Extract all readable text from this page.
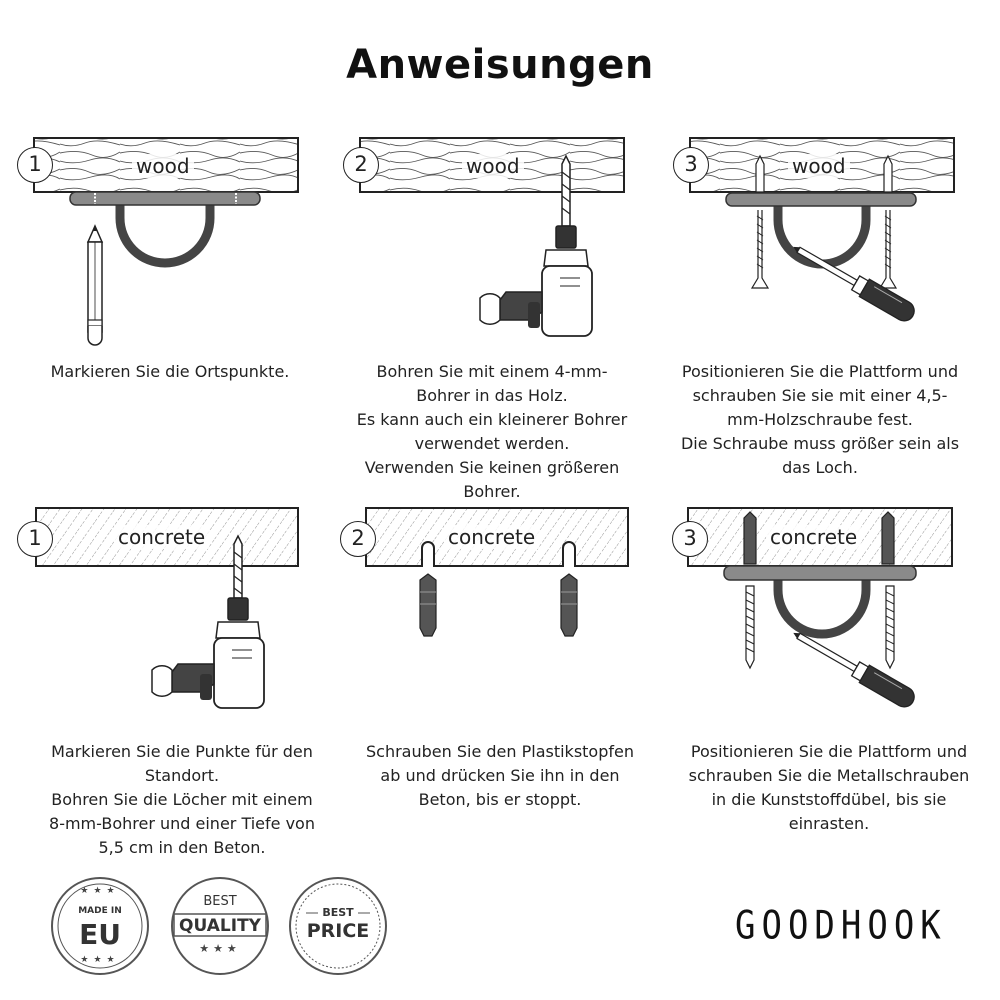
Anweisungen
1	wood	2	wood	3	wood
Markieren Sie die Ortspunkte.	Bohren Sie mit einem 4-mm-
Bohrer in das Holz.
Es kann auch ein kleinerer Bohrer
verwendet werden.
Verwenden Sie keinen größeren
Bohrer.
Positionieren Sie die Plattform und
schrauben Sie sie mit einer 4,5-
mm-Holzschraube fest.
Die Schraube muss größer sein als
das Loch.
1	concrete	2	concrete	3	concrete
Markieren Sie die Punkte für den
Standort.
Bohren Sie die Löcher mit einem
8-mm-Bohrer und einer Tiefe von
5,5 cm in den Beton.
Schrauben Sie den Plastikstopfen
ab und drücken Sie ihn in den
Beton, bis er stoppt.
Positionieren Sie die Plattform und
schrauben Sie die Metallschrauben
in die Kunststoffdübel, bis sie
einrasten.
★★★
MADE IN
EU
★★★
BEST
QUALITY
★★★
BEST
PRICE	GOODHOOK
